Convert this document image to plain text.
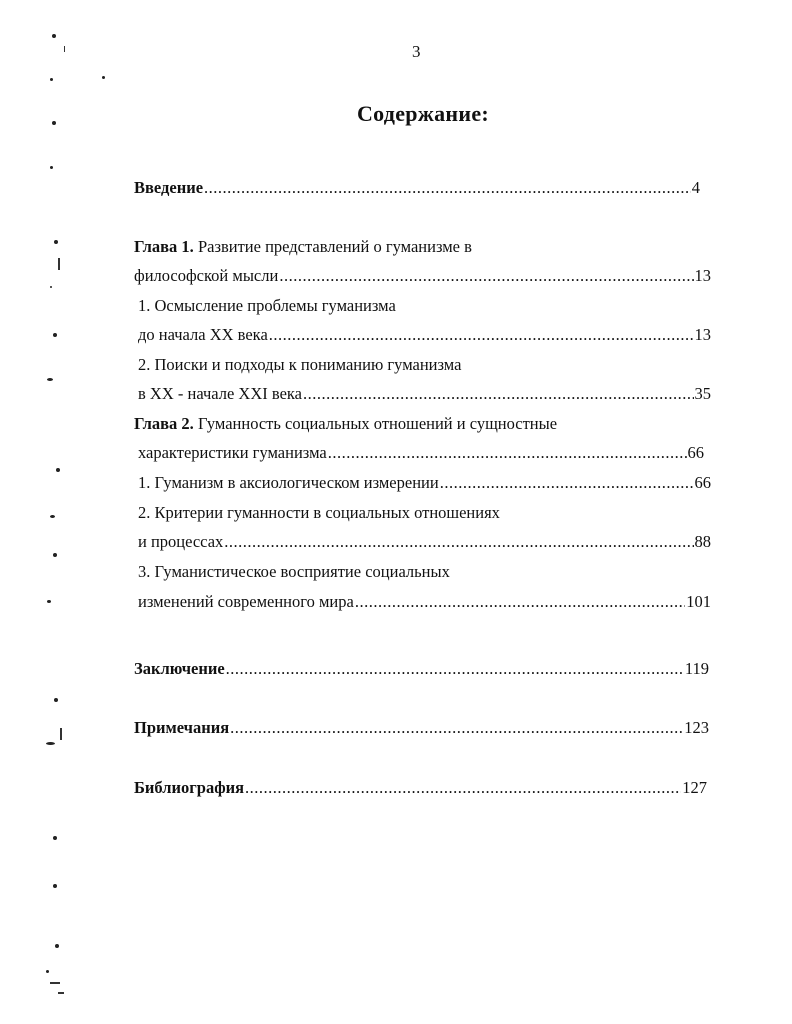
3
Содержание:
Введение .....	4
Глава 1. Развитие представлений о гуманизме в
философской мысли .....	13
1. Осмысление проблемы гуманизма
до начала XX века .....	13
2. Поиски и подходы к пониманию гуманизма
в XX - начале XXI века .....	35
Глава 2. Гуманность социальных отношений и сущностные
характеристики гуманизма .....	66
1. Гуманизм в аксиологическом измерении .....	66
2. Критерии гуманности в социальных отношениях
и процессах .....	88
3. Гуманистическое восприятие социальных
изменений современного мира .....	101
Заключение .....	119
Примечания .....	123
Библиография .....	127
